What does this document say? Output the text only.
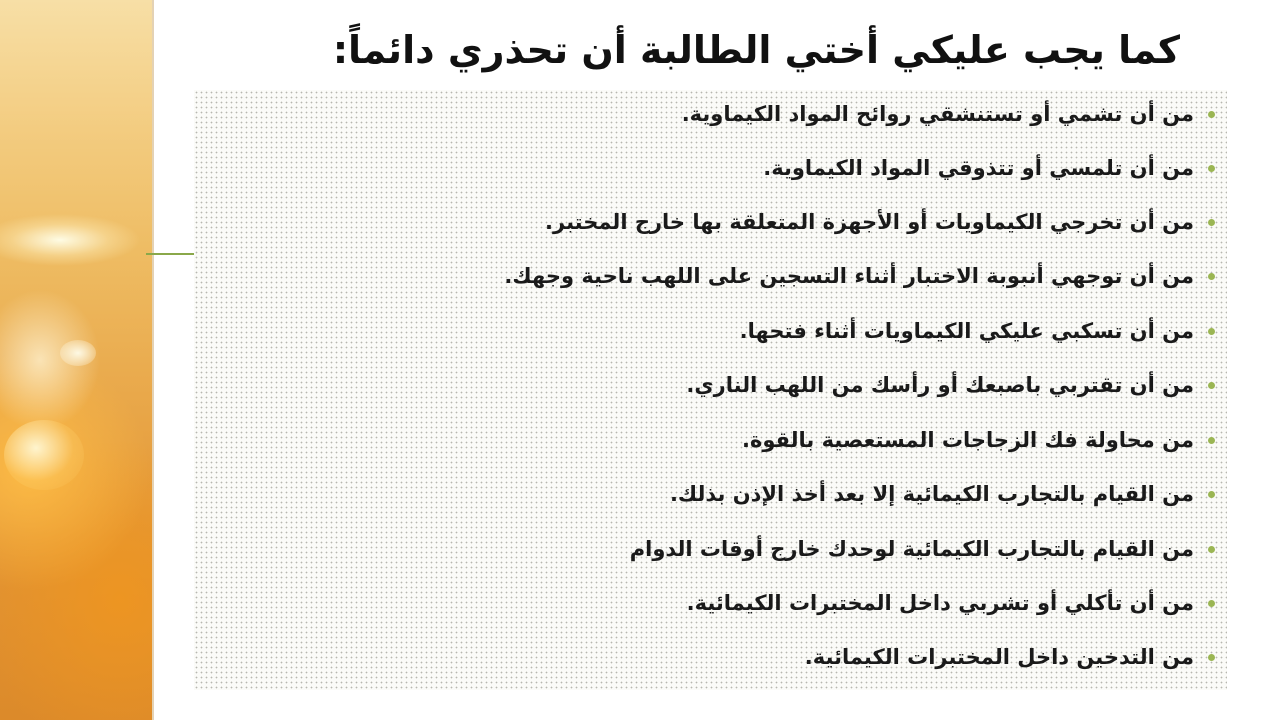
كما يجب عليكي أختي الطالبة أن تحذري دائماً:
من أن تشمي أو تستنشقي روائح المواد الكيماوية.
من أن تلمسي أو تتذوقي المواد الكيماوية.
من أن تخرجي الكيماويات أو الأجهزة المتعلقة بها خارج المختبر.
من أن توجهي أنبوبة الاختبار أثناء التسجين على اللهب ناحية وجهك.
من أن تسكبي عليكي الكيماويات أثناء فتحها.
من أن تقتربي باصبعك أو رأسك من اللهب الناري.
من محاولة فك الزجاجات المستعصية بالقوة.
من القيام بالتجارب الكيمائية إلا بعد أخذ الإذن بذلك.
من القيام بالتجارب الكيمائية لوحدك خارج أوقات الدوام
من أن تأكلي أو تشربي داخل المختبرات الكيمائية.
من التدخين داخل المختبرات الكيمائية.
